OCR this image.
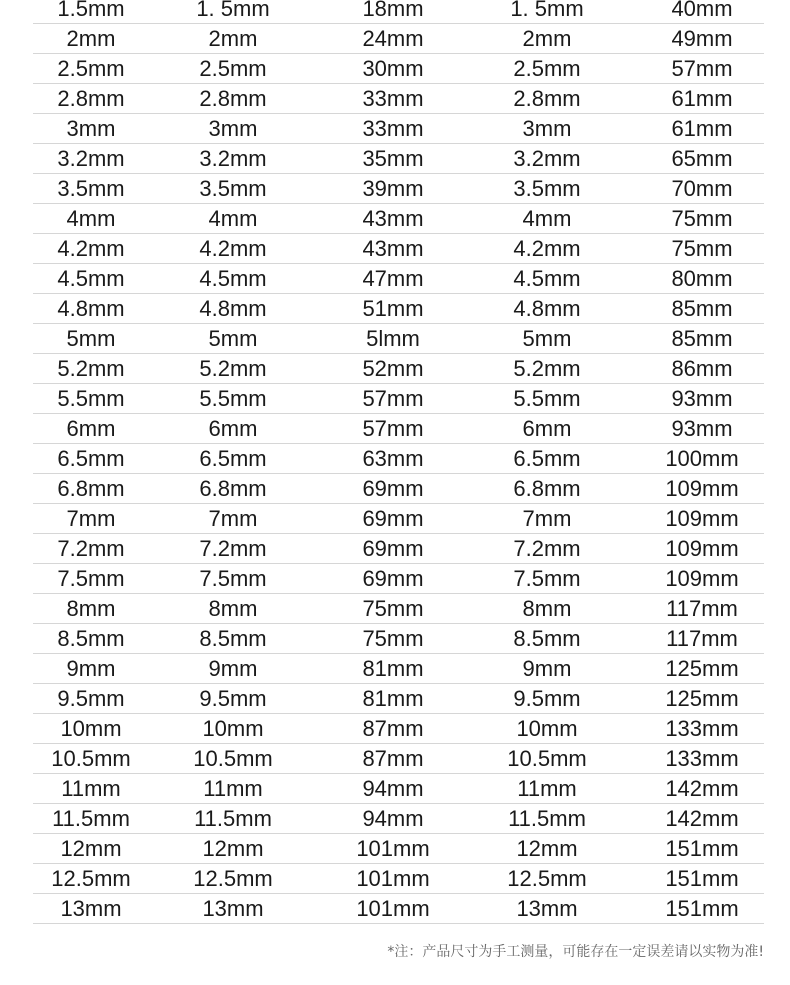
1.5mm	1. 5mm	18mm	1. 5mm	40mm
2mm	2mm	24mm	2mm	49mm
2.5mm	2.5mm	30mm	2.5mm	57mm
2.8mm	2.8mm	33mm	2.8mm	61mm
3mm	3mm	33mm	3mm	61mm
3.2mm	3.2mm	35mm	3.2mm	65mm
3.5mm	3.5mm	39mm	3.5mm	70mm
4mm	4mm	43mm	4mm	75mm
4.2mm	4.2mm	43mm	4.2mm	75mm
4.5mm	4.5mm	47mm	4.5mm	80mm
4.8mm	4.8mm	51mm	4.8mm	85mm
5mm	5mm	5lmm	5mm	85mm
5.2mm	5.2mm	52mm	5.2mm	86mm
5.5mm	5.5mm	57mm	5.5mm	93mm
6mm	6mm	57mm	6mm	93mm
6.5mm	6.5mm	63mm	6.5mm	100mm
6.8mm	6.8mm	69mm	6.8mm	109mm
7mm	7mm	69mm	7mm	109mm
7.2mm	7.2mm	69mm	7.2mm	109mm
7.5mm	7.5mm	69mm	7.5mm	109mm
8mm	8mm	75mm	8mm	117mm
8.5mm	8.5mm	75mm	8.5mm	117mm
9mm	9mm	81mm	9mm	125mm
9.5mm	9.5mm	81mm	9.5mm	125mm
10mm	10mm	87mm	10mm	133mm
10.5mm	10.5mm	87mm	10.5mm	133mm
11mm	11mm	94mm	11mm	142mm
11.5mm	11.5mm	94mm	11.5mm	142mm
12mm	12mm	101mm	12mm	151mm
12.5mm	12.5mm	101mm	12.5mm	151mm
13mm	13mm	101mm	13mm	151mm
*注：产品尺寸为手工测量，可能存在一定误差请以实物为准!
